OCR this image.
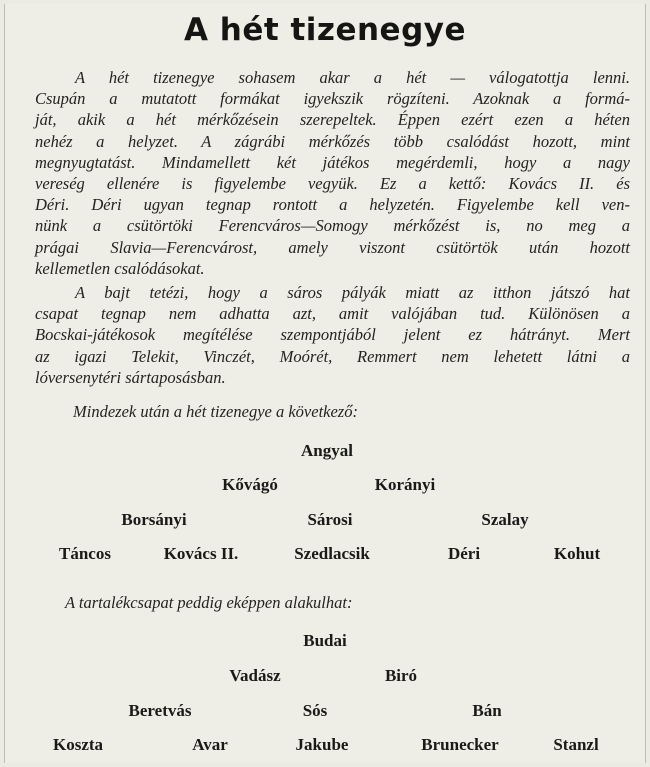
A hét tizenegye
A hét tizenegye sohasem akar a hét — válogatottja lenni.
Csupán a mutatott formákat igyekszik rögzíteni. Azoknak a formá-
ját, akik a hét mérkőzésein szerepeltek. Éppen ezért ezen a héten
nehéz a helyzet. A zágrábi mérkőzés több csalódást hozott, mint
megnyugtatást. Mindamellett két játékos megérdemli, hogy a nagy
vereség ellenére is figyelembe vegyük. Ez a kettő: Kovács II. és
Déri. Déri ugyan tegnap rontott a helyzetén. Figyelembe kell ven-
nünk a csütörtöki Ferencváros—Somogy mérkőzést is, no meg a
prágai Slavia—Ferencvárost, amely viszont csütörtök után hozott
kellemetlen csalódásokat.
A bajt tetézi, hogy a sáros pályák miatt az itthon játszó hat
csapat tegnap nem adhatta azt, amit valójában tud. Különösen a
Bocskai-játékosok megítélése szempontjából jelent ez hátrányt. Mert
az igazi Telekit, Vinczét, Moórét, Remmert nem lehetett látni a
lóversenytéri sártaposásban.
Mindezek után a hét tizenegye a következő:
Angyal
Kővágó	Korányi
Borsányi	Sárosi	Szalay
Táncos	Kovács II.	Szedlacsik	Déri	Kohut
A tartalékcsapat peddig eképpen alakulhat:
Budai
Vadász	Biró
Beretvás	Sós	Bán
Koszta	Avar	Jakube	Brunecker	Stanzl
